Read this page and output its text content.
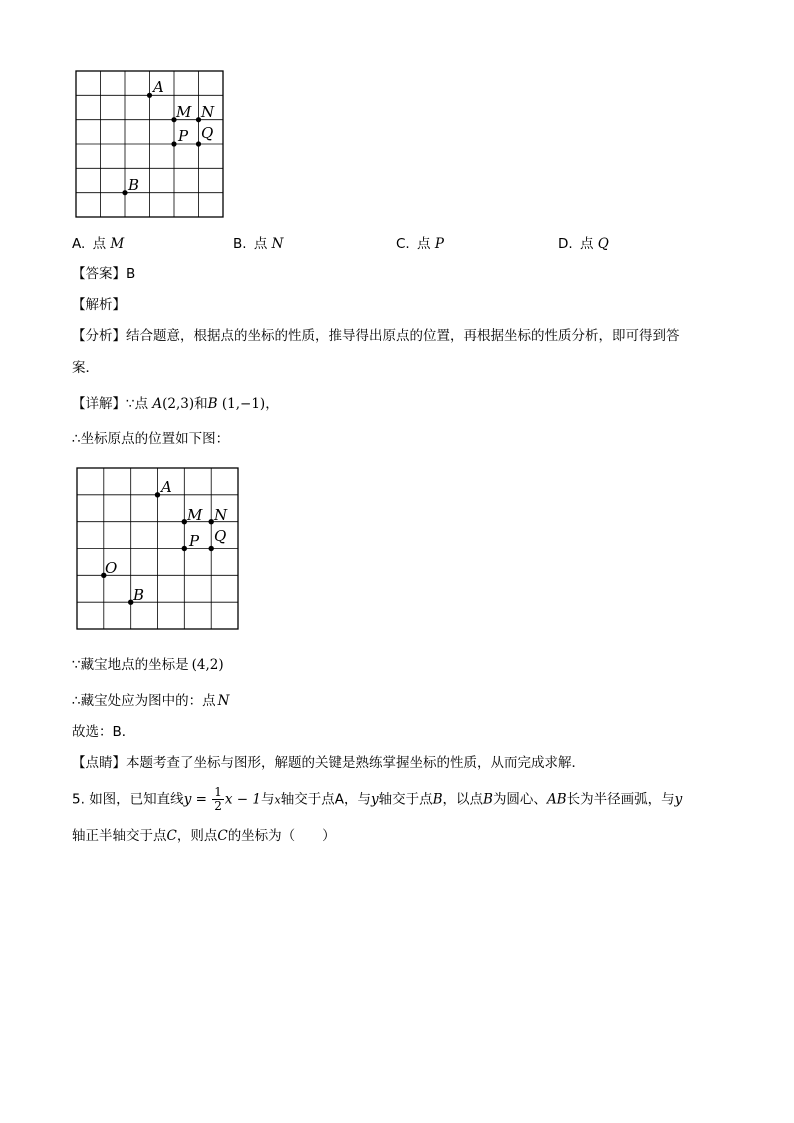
A
M N
P Q
B
A. 点 M	B. 点 N	C. 点 P	D. 点 Q
【答案】B
【解析】
【分析】结合题意，根据点的坐标的性质，推导得出原点的位置，再根据坐标的性质分析，即可得到答
案．
【详解】∵点 A(2,3)和B (1,−1)，
∴坐标原点的位置如下图：
A
M N
P Q
O
B
∵藏宝地点的坐标是 (4,2)
∴藏宝处应为图中的：点 N
故选：B．
【点睛】本题考查了坐标与图形，解题的关键是熟练掌握坐标的性质，从而完成求解．
5. 如图，已知直线$y = \frac{1}{2}$ x − 1与x轴交于点A，与y轴交于点B，以点B为圆心、AB长为半径画弧，与y
轴正半轴交于点C，则点C的坐标为（　　）
